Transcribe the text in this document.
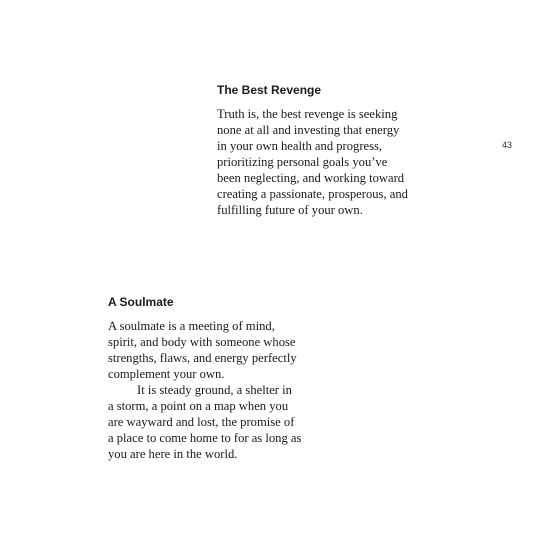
The Best Revenge

Truth is, the best revenge is seeking
none at all and investing that energy
in your own health and progress,
prioritizing personal goals you’ve
been neglecting, and working toward
creating a passionate, prosperous, and
fulfilling future of your own.

43
A Soulmate

A soulmate is a meeting of mind,
spirit, and body with someone whose
strengths, flaws, and energy perfectly
complement your own.

It is steady ground, a shelter in
a storm, a point on a map when you
are wayward and lost, the promise of
a place to come home to for as long as
you are here in the world.
